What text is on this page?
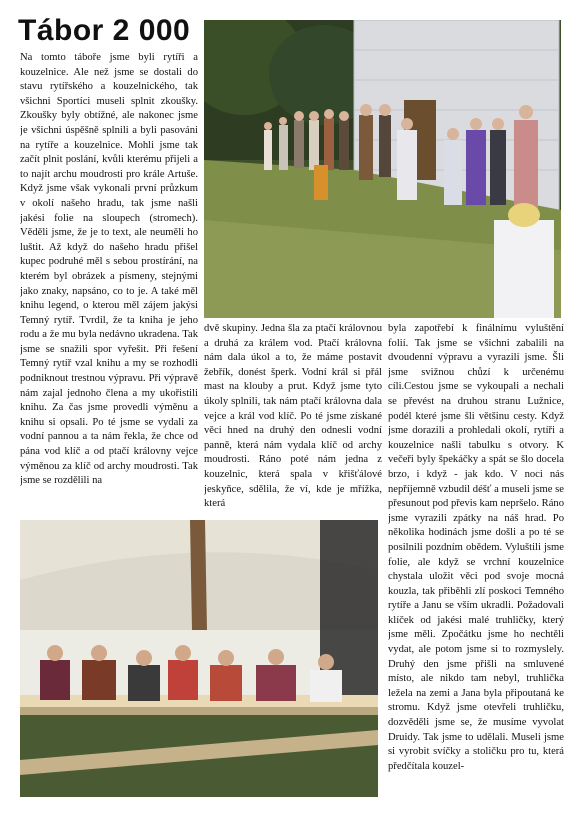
Tábor 2 000

Na tomto táboře jsme byli rytíři a kouzelnice. Ale než jsme se dostali do stavu rytířského a kouzelnického, tak všichni Sportíci museli splnit zkoušky. Zkoušky byly obtížné, ale nakonec jsme je všichni úspěšně splnili a byli pasováni na rytíře a kouzelnice. Mohli jsme tak začít plnit poslání, kvůli kterému přijeli a to najít archu moudrosti pro krále Artuše. Když jsme však vykonali první průzkum v okolí našeho hradu, tak jsme našli jakési folie na sloupech (stromech). Věděli jsme, že je to text, ale neuměli ho luštit. Až když do našeho hradu přišel kupec podruhé měl s sebou prostírání, na kterém byl obrázek a písmeny, stejnými jako znaky, napsáno, co to je. A také měl knihu legend, o kterou měl zájem jakýsi Temný rytíř. Tvrdil, že ta kniha je jeho rodu a že mu byla nedávno ukradena. Tak jsme se snažili spor vyřešit. Při řešení Temný rytíř vzal knihu a my se rozhodli podniknout trestnou výpravu. Při výpravě nám zajal jednoho člena a my ukořistili knihu. Za čas jsme provedli výměnu a knihu si opsali. Po té jsme se vydali za vodní pannou a ta nám řekla, že chce od pána vod klíč a od ptačí královny vejce výměnou za klíč od archy moudrosti. Tak jsme se rozdělili na

dvě skupiny. Jedna šla za ptačí královnou a druhá za králem vod. Ptačí královna nám dala úkol a to, že máme postavit žebřík, donést šperk. Vodní král si přál mast na klouby a prut. Když jsme tyto úkoly splnili, tak nám ptačí královna dala vejce a král vod klíč. Po té jsme získané věci hned na druhý den odnesli vodní panně, která nám vydala klíč od archy moudrosti. Ráno poté nám jedna z kouzelnic, která spala v křišťálové jeskyňce, sdělila, že ví, kde je mřížka, která

byla zapotřebí k finálnímu vyluštění folií. Tak jsme se všichni zabalili na dvoudenní výpravu a vyrazili jsme. Šli jsme svižnou chůzí k určenému cíli.Cestou jsme se vykoupali a nechali se převést na druhou stranu Lužnice, podél které jsme šli většinu cesty. Když jsme dorazili a prohledali okolí, rytíři a kouzelnice našli tabulku s otvory. K večeři byly špekáčky a spát se šlo docela brzo, i když - jak kdo. V noci nás nepříjemně vzbudil déšť a museli jsme se přesunout pod převis kam nepršelo. Ráno jsme vyrazili zpátky na náš hrad. Po několika hodinách jsme došli a po té se posilnili pozdním obědem. Vyluštili jsme folie, ale když se vrchní kouzelnice chystala uložit věci pod svoje mocná kouzla, tak přiběhli zlí poskoci Temného rytíře a Janu se vším ukradli. Požadovali klíček od jakési malé truhličky, který jsme měli. Zpočátku jsme ho nechtěli vydat, ale potom jsme si to rozmyslely. Druhý den jsme přišli na smluvené místo, ale nikdo tam nebyl, truhlička ležela na zemi a Jana byla připoutaná ke stromu. Když jsme otevřeli truhličku, dozvěděli jsme se, že musíme vyvolat Druidy. Tak jsme to udělali. Museli jsme si vyrobit svíčky a stoličku pro tu, která předčítala kouzel-
